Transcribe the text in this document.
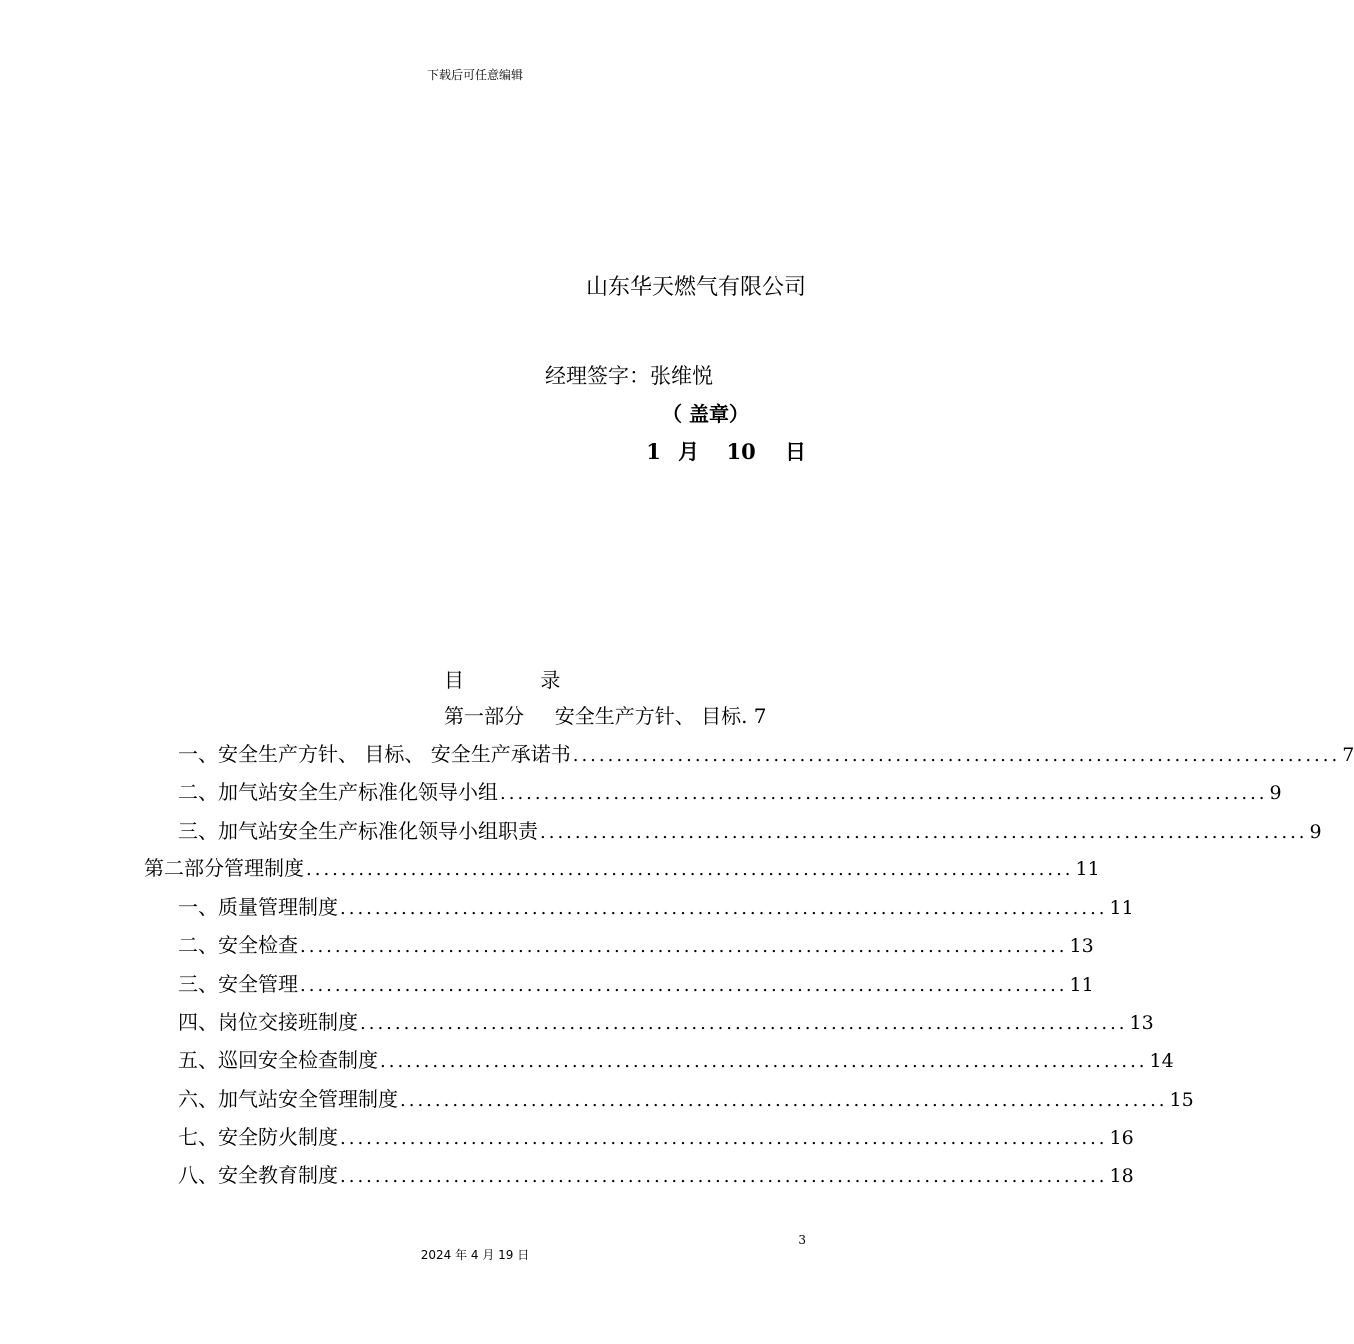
下载后可任意编辑
山东华天燃气有限公司
经理签字：张维悦
（ 盖章）
1 月 10 日
目	录
第一部分 安全生产方针、 目标. 7
一、 安全生产方针、 目标、 安全生产承诺书 ........................................................................................ 7
二、 加气站安全生产标准化领导小组 ........................................................................................ 9
三、 加气站安全生产标准化领导小组职责 ........................................................................................ 9
第二部分 管理制度 ........................................................................................ 11
一、 质量管理制度 ........................................................................................ 11
二、 安全检查 ........................................................................................ 13
三、 安全管理 ........................................................................................ 11
四、 岗位交接班制度 ........................................................................................ 13
五、 巡回安全检查制度 ........................................................................................ 14
六、 加气站安全管理制度 ........................................................................................ 15
七、 安全防火制度 ........................................................................................ 16
八、 安全教育制度 ........................................................................................ 18
3
2024 年 4 月 19 日
